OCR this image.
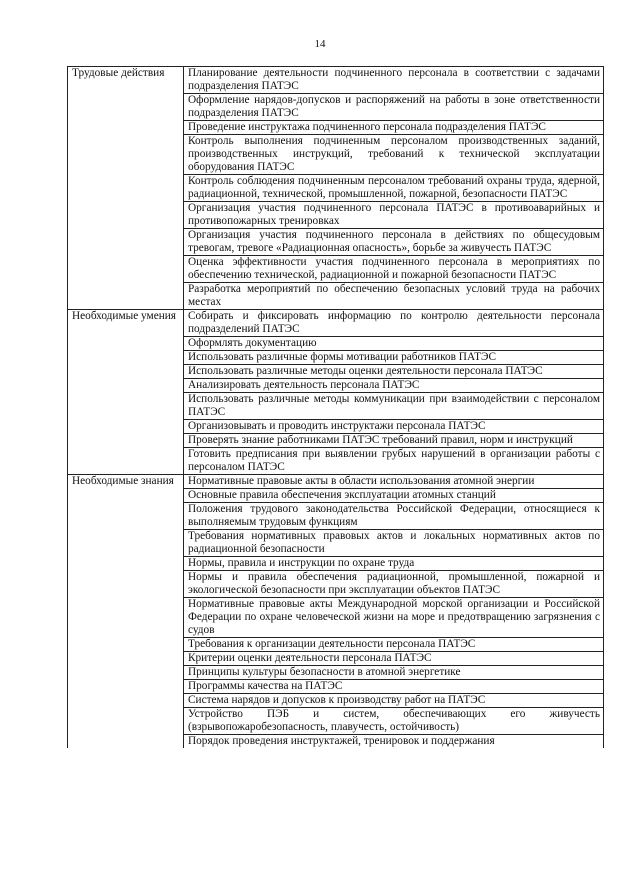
14
Трудовые действия	Планирование деятельности подчиненного персонала в соответствии с задачами подразделения ПАТЭС
	Оформление нарядов-допусков и распоряжений на работы в зоне ответственности подразделения ПАТЭС
	Проведение инструктажа подчиненного персонала подразделения ПАТЭС
	Контроль выполнения подчиненным персоналом производственных заданий, производственных инструкций, требований к технической эксплуатации оборудования ПАТЭС
	Контроль соблюдения подчиненным персоналом требований охраны труда, ядерной, радиационной, технической, промышленной, пожарной, безопасности ПАТЭС
	Организация участия подчиненного персонала ПАТЭС в противоаварийных и противопожарных тренировках
	Организация участия подчиненного персонала в действиях по общесудовым тревогам, тревоге «Радиационная опасность», борьбе за живучесть ПАТЭС
	Оценка эффективности участия подчиненного персонала в мероприятиях по обеспечению технической, радиационной и пожарной безопасности ПАТЭС
	Разработка мероприятий по обеспечению безопасных условий труда на рабочих местах
Необходимые умения	Собирать и фиксировать информацию по контролю деятельности персонала подразделений ПАТЭС
	Оформлять документацию
	Использовать различные формы мотивации работников ПАТЭС
	Использовать различные методы оценки деятельности персонала ПАТЭС
	Анализировать деятельность персонала ПАТЭС
	Использовать различные методы коммуникации при взаимодействии с персоналом ПАТЭС
	Организовывать и проводить инструктажи персонала ПАТЭС
	Проверять знание работниками ПАТЭС требований правил, норм и инструкций
	Готовить предписания при выявлении грубых нарушений в организации работы с персоналом ПАТЭС
Необходимые знания	Нормативные правовые акты в области использования атомной энергии
	Основные правила обеспечения эксплуатации атомных станций
	Положения трудового законодательства Российской Федерации, относящиеся к выполняемым трудовым функциям
	Требования нормативных правовых актов и локальных нормативных актов по радиационной безопасности
	Нормы, правила и инструкции по охране труда
	Нормы и правила обеспечения радиационной, промышленной, пожарной и экологической безопасности при эксплуатации объектов ПАТЭС
	Нормативные правовые акты Международной морской организации и Российской Федерации по охране человеческой жизни на море и предотвращению загрязнения с судов
	Требования к организации деятельности персонала ПАТЭС
	Критерии оценки деятельности персонала ПАТЭС
	Принципы культуры безопасности в атомной энергетике
	Программы качества на ПАТЭС
	Система нарядов и допусков к производству работ на ПАТЭС
	Устройство ПЭБ и систем, обеспечивающих его живучесть (взрывопожаробезопасность, плавучесть, остойчивость)
	Порядок проведения инструктажей, тренировок и поддержания
